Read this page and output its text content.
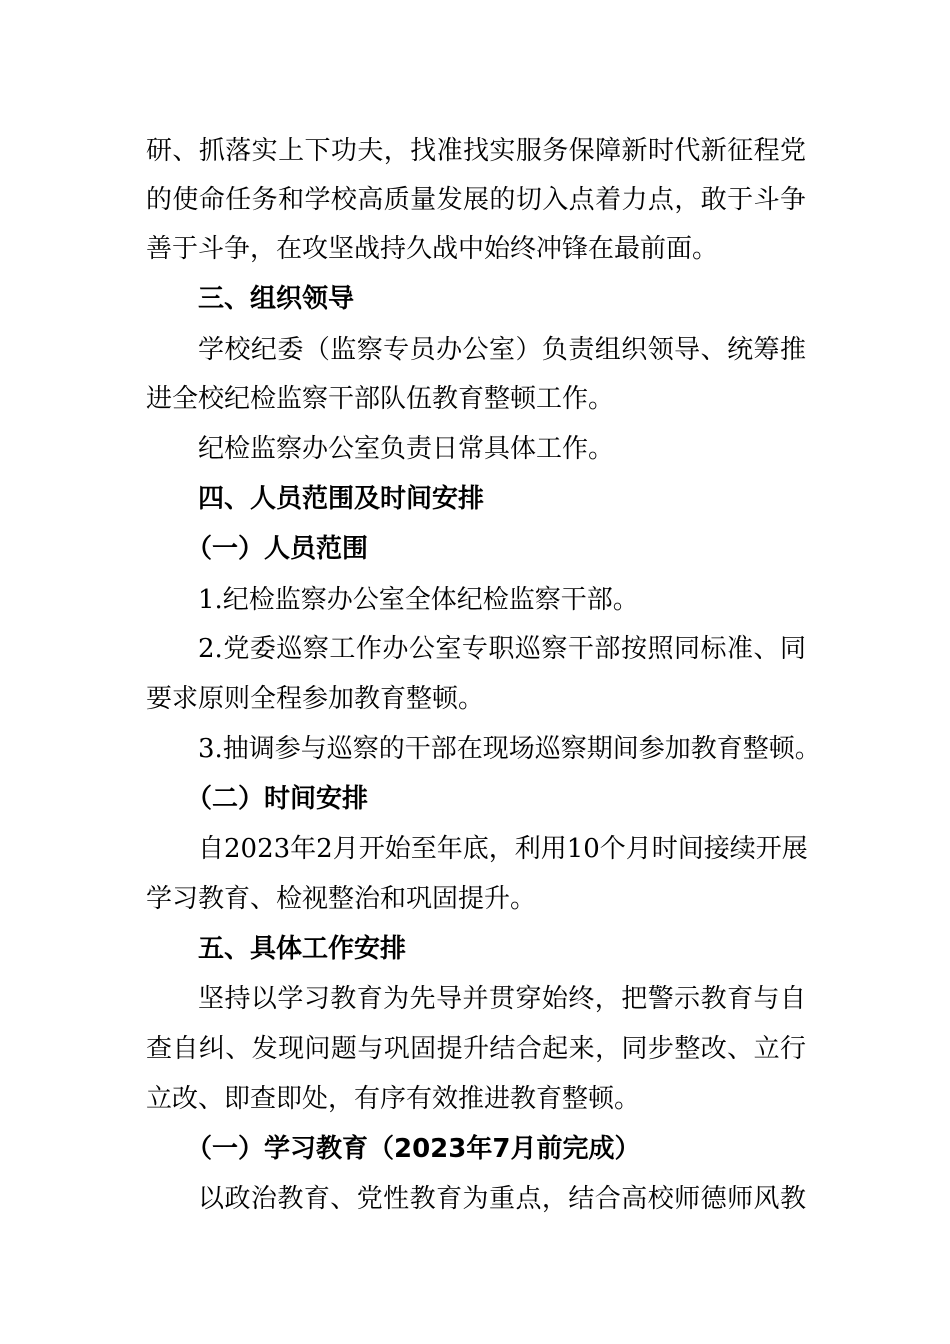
研、抓落实上下功夫，找准找实服务保障新时代新征程党
的使命任务和学校高质量发展的切入点着力点，敢于斗争
善于斗争，在攻坚战持久战中始终冲锋在最前面。
三、组织领导
学校纪委（监察专员办公室）负责组织领导、统筹推
进全校纪检监察干部队伍教育整顿工作。
纪检监察办公室负责日常具体工作。
四、人员范围及时间安排
（一）人员范围
1.纪检监察办公室全体纪检监察干部。
2.党委巡察工作办公室专职巡察干部按照同标准、同
要求原则全程参加教育整顿。
3.抽调参与巡察的干部在现场巡察期间参加教育整顿。
（二）时间安排
自2023年2月开始至年底，利用10个月时间接续开展
学习教育、检视整治和巩固提升。
五、具体工作安排
坚持以学习教育为先导并贯穿始终，把警示教育与自
查自纠、发现问题与巩固提升结合起来，同步整改、立行
立改、即查即处，有序有效推进教育整顿。
（一）学习教育（2023年7月前完成）
以政治教育、党性教育为重点，结合高校师德师风教
